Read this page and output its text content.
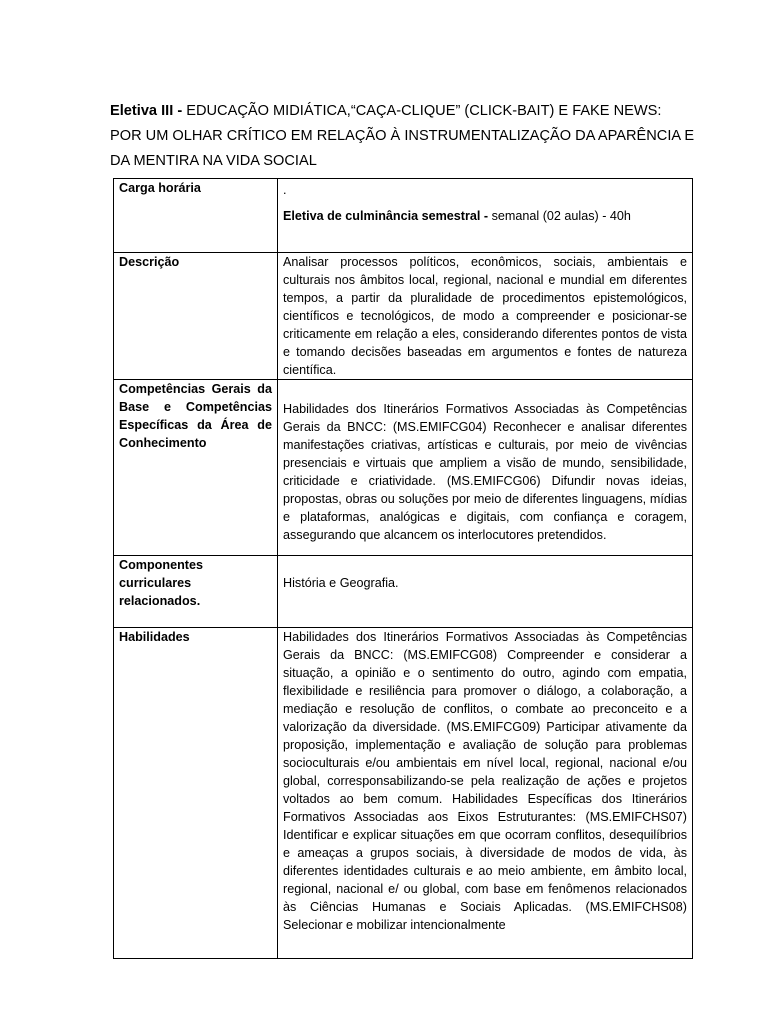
Eletiva III - EDUCAÇÃO MIDIÁTICA,“CAÇA-CLIQUE” (CLICK-BAIT) E FAKE NEWS: POR UM OLHAR CRÍTICO EM RELAÇÃO À INSTRUMENTALIZAÇÃO DA APARÊNCIA E DA MENTIRA NA VIDA SOCIAL
Carga horária	.
Eletiva de culminância semestral - semanal (02 aulas) - 40h

Descrição	Analisar processos políticos, econômicos, sociais, ambientais e culturais nos âmbitos local, regional, nacional e mundial em diferentes tempos, a partir da pluralidade de procedimentos epistemológicos, científicos e tecnológicos, de modo a compreender e posicionar-se criticamente em relação a eles, considerando diferentes pontos de vista e tomando decisões baseadas em argumentos e fontes de natureza científica.
Competências Gerais da Base e Competências Específicas da Área de Conhecimento	Habilidades dos Itinerários Formativos Associadas às Competências Gerais da BNCC: (MS.EMIFCG04) Reconhecer e analisar diferentes manifestações criativas, artísticas e culturais, por meio de vivências presenciais e virtuais que ampliem a visão de mundo, sensibilidade, criticidade e criatividade. (MS.EMIFCG06) Difundir novas ideias, propostas, obras ou soluções por meio de diferentes linguagens, mídias e plataformas, analógicas e digitais, com confiança e coragem, assegurando que alcancem os interlocutores pretendidos.

Componentes curriculares relacionados.	História e Geografia.

Habilidades	Habilidades dos Itinerários Formativos Associadas às Competências Gerais da BNCC: (MS.EMIFCG08) Compreender e considerar a situação, a opinião e o sentimento do outro, agindo com empatia, flexibilidade e resiliência para promover o diálogo, a colaboração, a mediação e resolução de conflitos, o combate ao preconceito e a valorização da diversidade. (MS.EMIFCG09) Participar ativamente da proposição, implementação e avaliação de solução para problemas socioculturais e/ou ambientais em nível local, regional, nacional e/ou global, corresponsabilizando-se pela realização de ações e projetos voltados ao bem comum. Habilidades Específicas dos Itinerários Formativos Associadas aos Eixos Estruturantes: (MS.EMIFCHS07) Identificar e explicar situações em que ocorram conflitos, desequilíbrios e ameaças a grupos sociais, à diversidade de modos de vida, às diferentes identidades culturais e ao meio ambiente, em âmbito local, regional, nacional e/ ou global, com base em fenômenos relacionados às Ciências Humanas e Sociais Aplicadas. (MS.EMIFCHS08) Selecionar e mobilizar intencionalmente
